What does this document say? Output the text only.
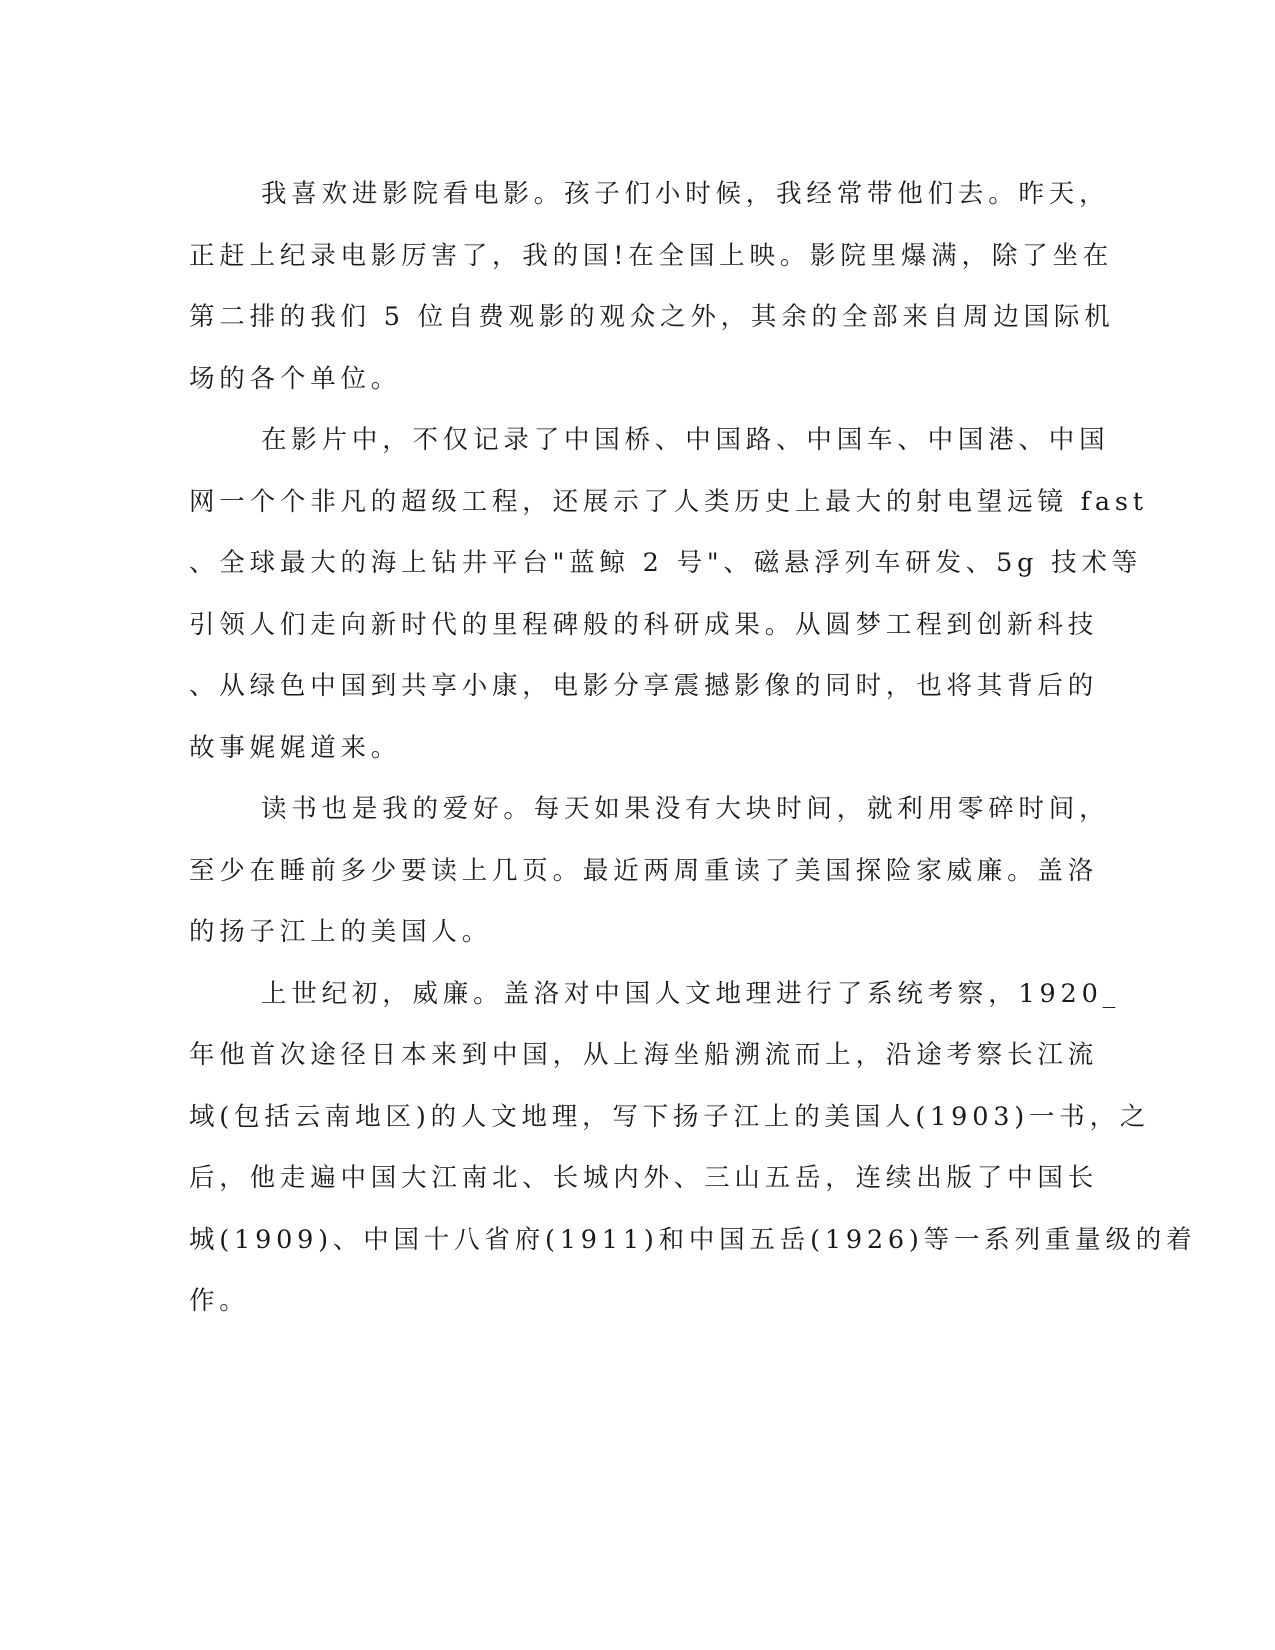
我喜欢进影院看电影。孩子们小时候，我经常带他们去。昨天，
正赶上纪录电影厉害了，我的国!在全国上映。影院里爆满，除了坐在
第二排的我们 5 位自费观影的观众之外，其余的全部来自周边国际机
场的各个单位。

在影片中，不仅记录了中国桥、中国路、中国车、中国港、中国
网一个个非凡的超级工程，还展示了人类历史上最大的射电望远镜 fast
、全球最大的海上钻井平台"蓝鲸 2 号"、磁悬浮列车研发、5g 技术等
引领人们走向新时代的里程碑般的科研成果。从圆梦工程到创新科技
、从绿色中国到共享小康，电影分享震撼影像的同时，也将其背后的
故事娓娓道来。

读书也是我的爱好。每天如果没有大块时间，就利用零碎时间，
至少在睡前多少要读上几页。最近两周重读了美国探险家威廉。盖洛
的扬子江上的美国人。

上世纪初，威廉。盖洛对中国人文地理进行了系统考察，1920_
年他首次途径日本来到中国，从上海坐船溯流而上，沿途考察长江流
域(包括云南地区)的人文地理，写下扬子江上的美国人(1903)一书，之
后，他走遍中国大江南北、长城内外、三山五岳，连续出版了中国长
城(1909)、中国十八省府(1911)和中国五岳(1926)等一系列重量级的着
作。
